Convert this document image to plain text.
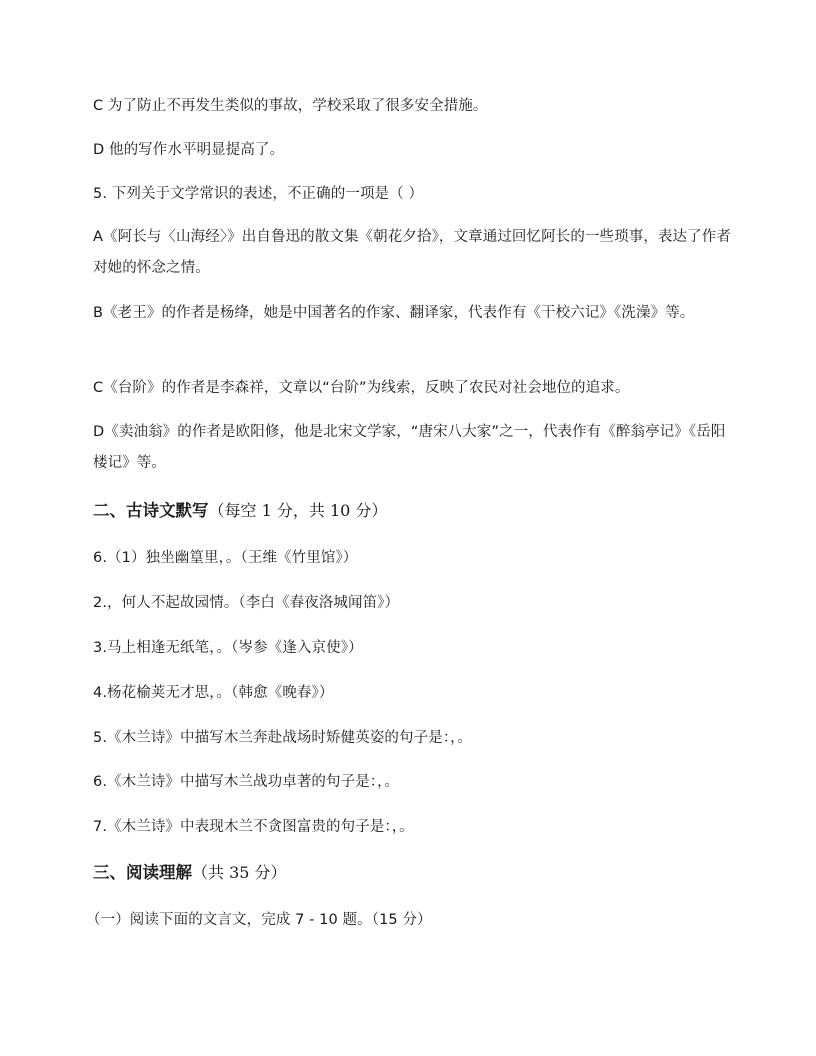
C 为了防止不再发生类似的事故，学校采取了很多安全措施。
D 他的写作水平明显提高了。
5. 下列关于文学常识的表述，不正确的一项是（ ）
A《阿长与〈山海经〉》出自鲁迅的散文集《朝花夕拾》，文章通过回忆阿长的一些琐事，表达了作者对她的怀念之情。
B《老王》的作者是杨绛，她是中国著名的作家、翻译家，代表作有《干校六记》《洗澡》等。
C《台阶》的作者是李森祥，文章以“台阶”为线索，反映了农民对社会地位的追求。
D《卖油翁》的作者是欧阳修，他是北宋文学家，“唐宋八大家”之一，代表作有《醉翁亭记》《岳阳楼记》等。
二、古诗文默写（每空 1 分，共 10 分）
6.（1）独坐幽篁里，。（王维《竹里馆》）
2.，何人不起故园情。（李白《春夜洛城闻笛》）
3.马上相逢无纸笔，。（岑参《逢入京使》）
4.杨花榆荚无才思，。（韩愈《晚春》）
5.《木兰诗》中描写木兰奔赴战场时矫健英姿的句子是：，。
6.《木兰诗》中描写木兰战功卓著的句子是：，。
7.《木兰诗》中表现木兰不贪图富贵的句子是：，。
三、阅读理解（共 35 分）
（一）阅读下面的文言文，完成 7 - 10 题。（15 分）
